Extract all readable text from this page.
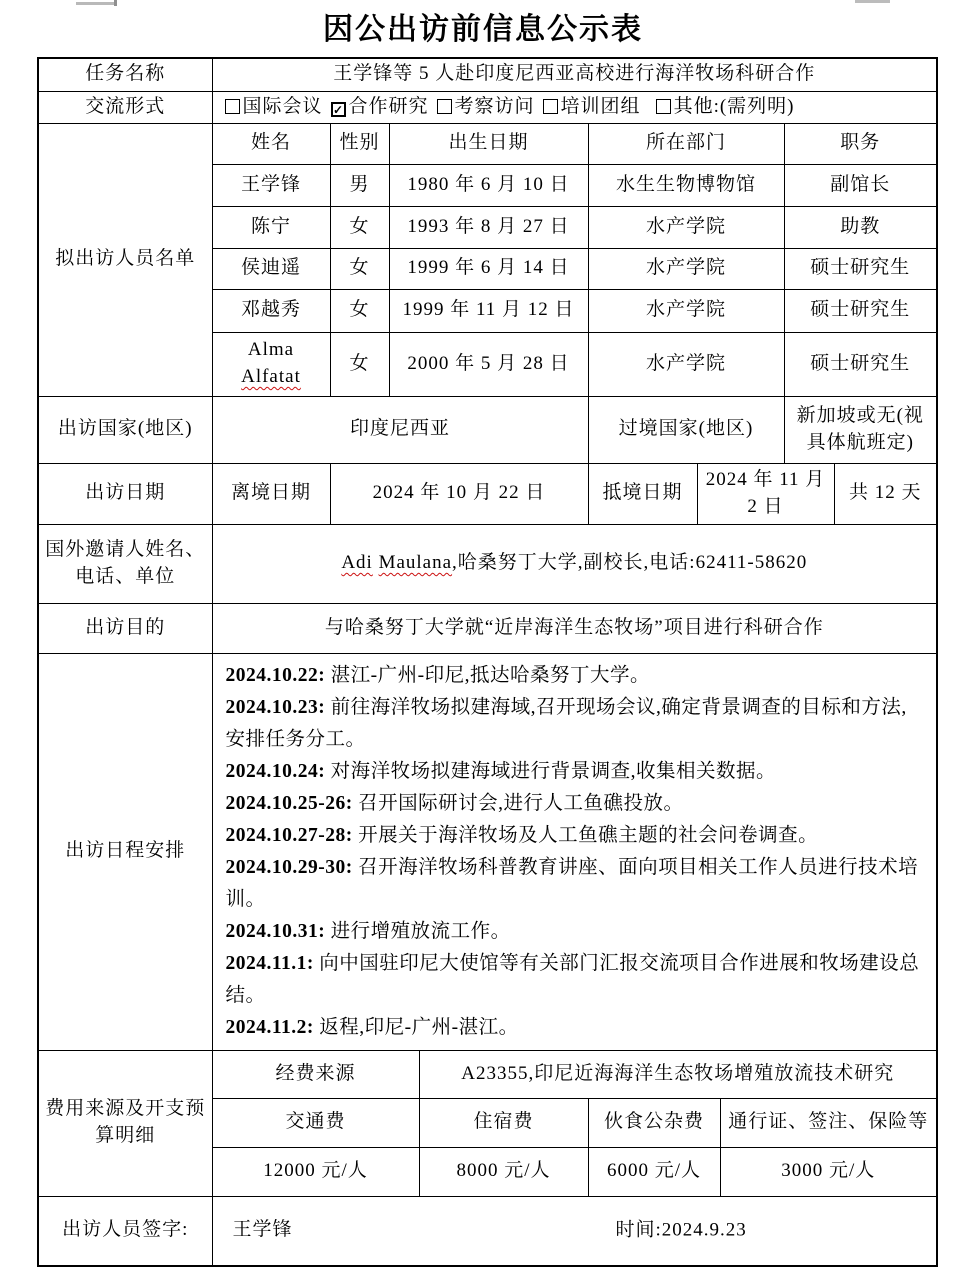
因公出访前信息公示表
任务名称	王学锋等 5 人赴印度尼西亚高校进行海洋牧场科研合作								
交流形式	国际会议 ✓ 合作研究 考察访问 培训团组 其他:(需列明)								
拟出访人员名单	姓名	性别	出生日期		所在部门			职务	
	王学锋	男	1980 年 6 月 10 日		水生生物博物馆			副馆长	
	陈宁	女	1993 年 8 月 27 日		水产学院			助教	
	侯迪遥	女	1999 年 6 月 14 日		水产学院			硕士研究生	
	邓越秀	女	1999 年 11 月 12 日		水产学院			硕士研究生	
	Alma Alfatat	女	2000 年 5 月 28 日		水产学院			硕士研究生	
出访国家(地区)	印度尼西亚				过境国家(地区)			新加坡或无(视具体航班定)	
出访日期	离境日期	2024 年 10 月 22 日			抵境日期	2024 年 11 月 2 日			共 12 天
国外邀请人姓名、电话、单位	Adi Maulana,哈桑努丁大学,副校长,电话:62411-58620								
出访目的	与哈桑努丁大学就“近岸海洋生态牧场”项目进行科研合作								
出访日程安排	
2024.10.22: 湛江-广州-印尼,抵达哈桑努丁大学。
2024.10.23: 前往海洋牧场拟建海域,召开现场会议,确定背景调查的目标和方法,安排任务分工。
2024.10.24: 对海洋牧场拟建海域进行背景调查,收集相关数据。
2024.10.25-26: 召开国际研讨会,进行人工鱼礁投放。
2024.10.27-28: 开展关于海洋牧场及人工鱼礁主题的社会问卷调查。
2024.10.29-30: 召开海洋牧场科普教育讲座、面向项目相关工作人员进行技术培训。
2024.10.31: 进行增殖放流工作。
2024.11.1: 向中国驻印尼大使馆等有关部门汇报交流项目合作进展和牧场建设总结。
2024.11.2: 返程,印尼-广州-湛江。

费用来源及开支预算明细	经费来源			A23355,印尼近海海洋生态牧场增殖放流技术研究					
	交通费			住宿费	伙食公杂费		通行证、签注、保险等		
	12000 元/人			8000 元/人	6000 元/人		3000 元/人		
出访人员签字:	王学锋 时间:2024.9.23								
